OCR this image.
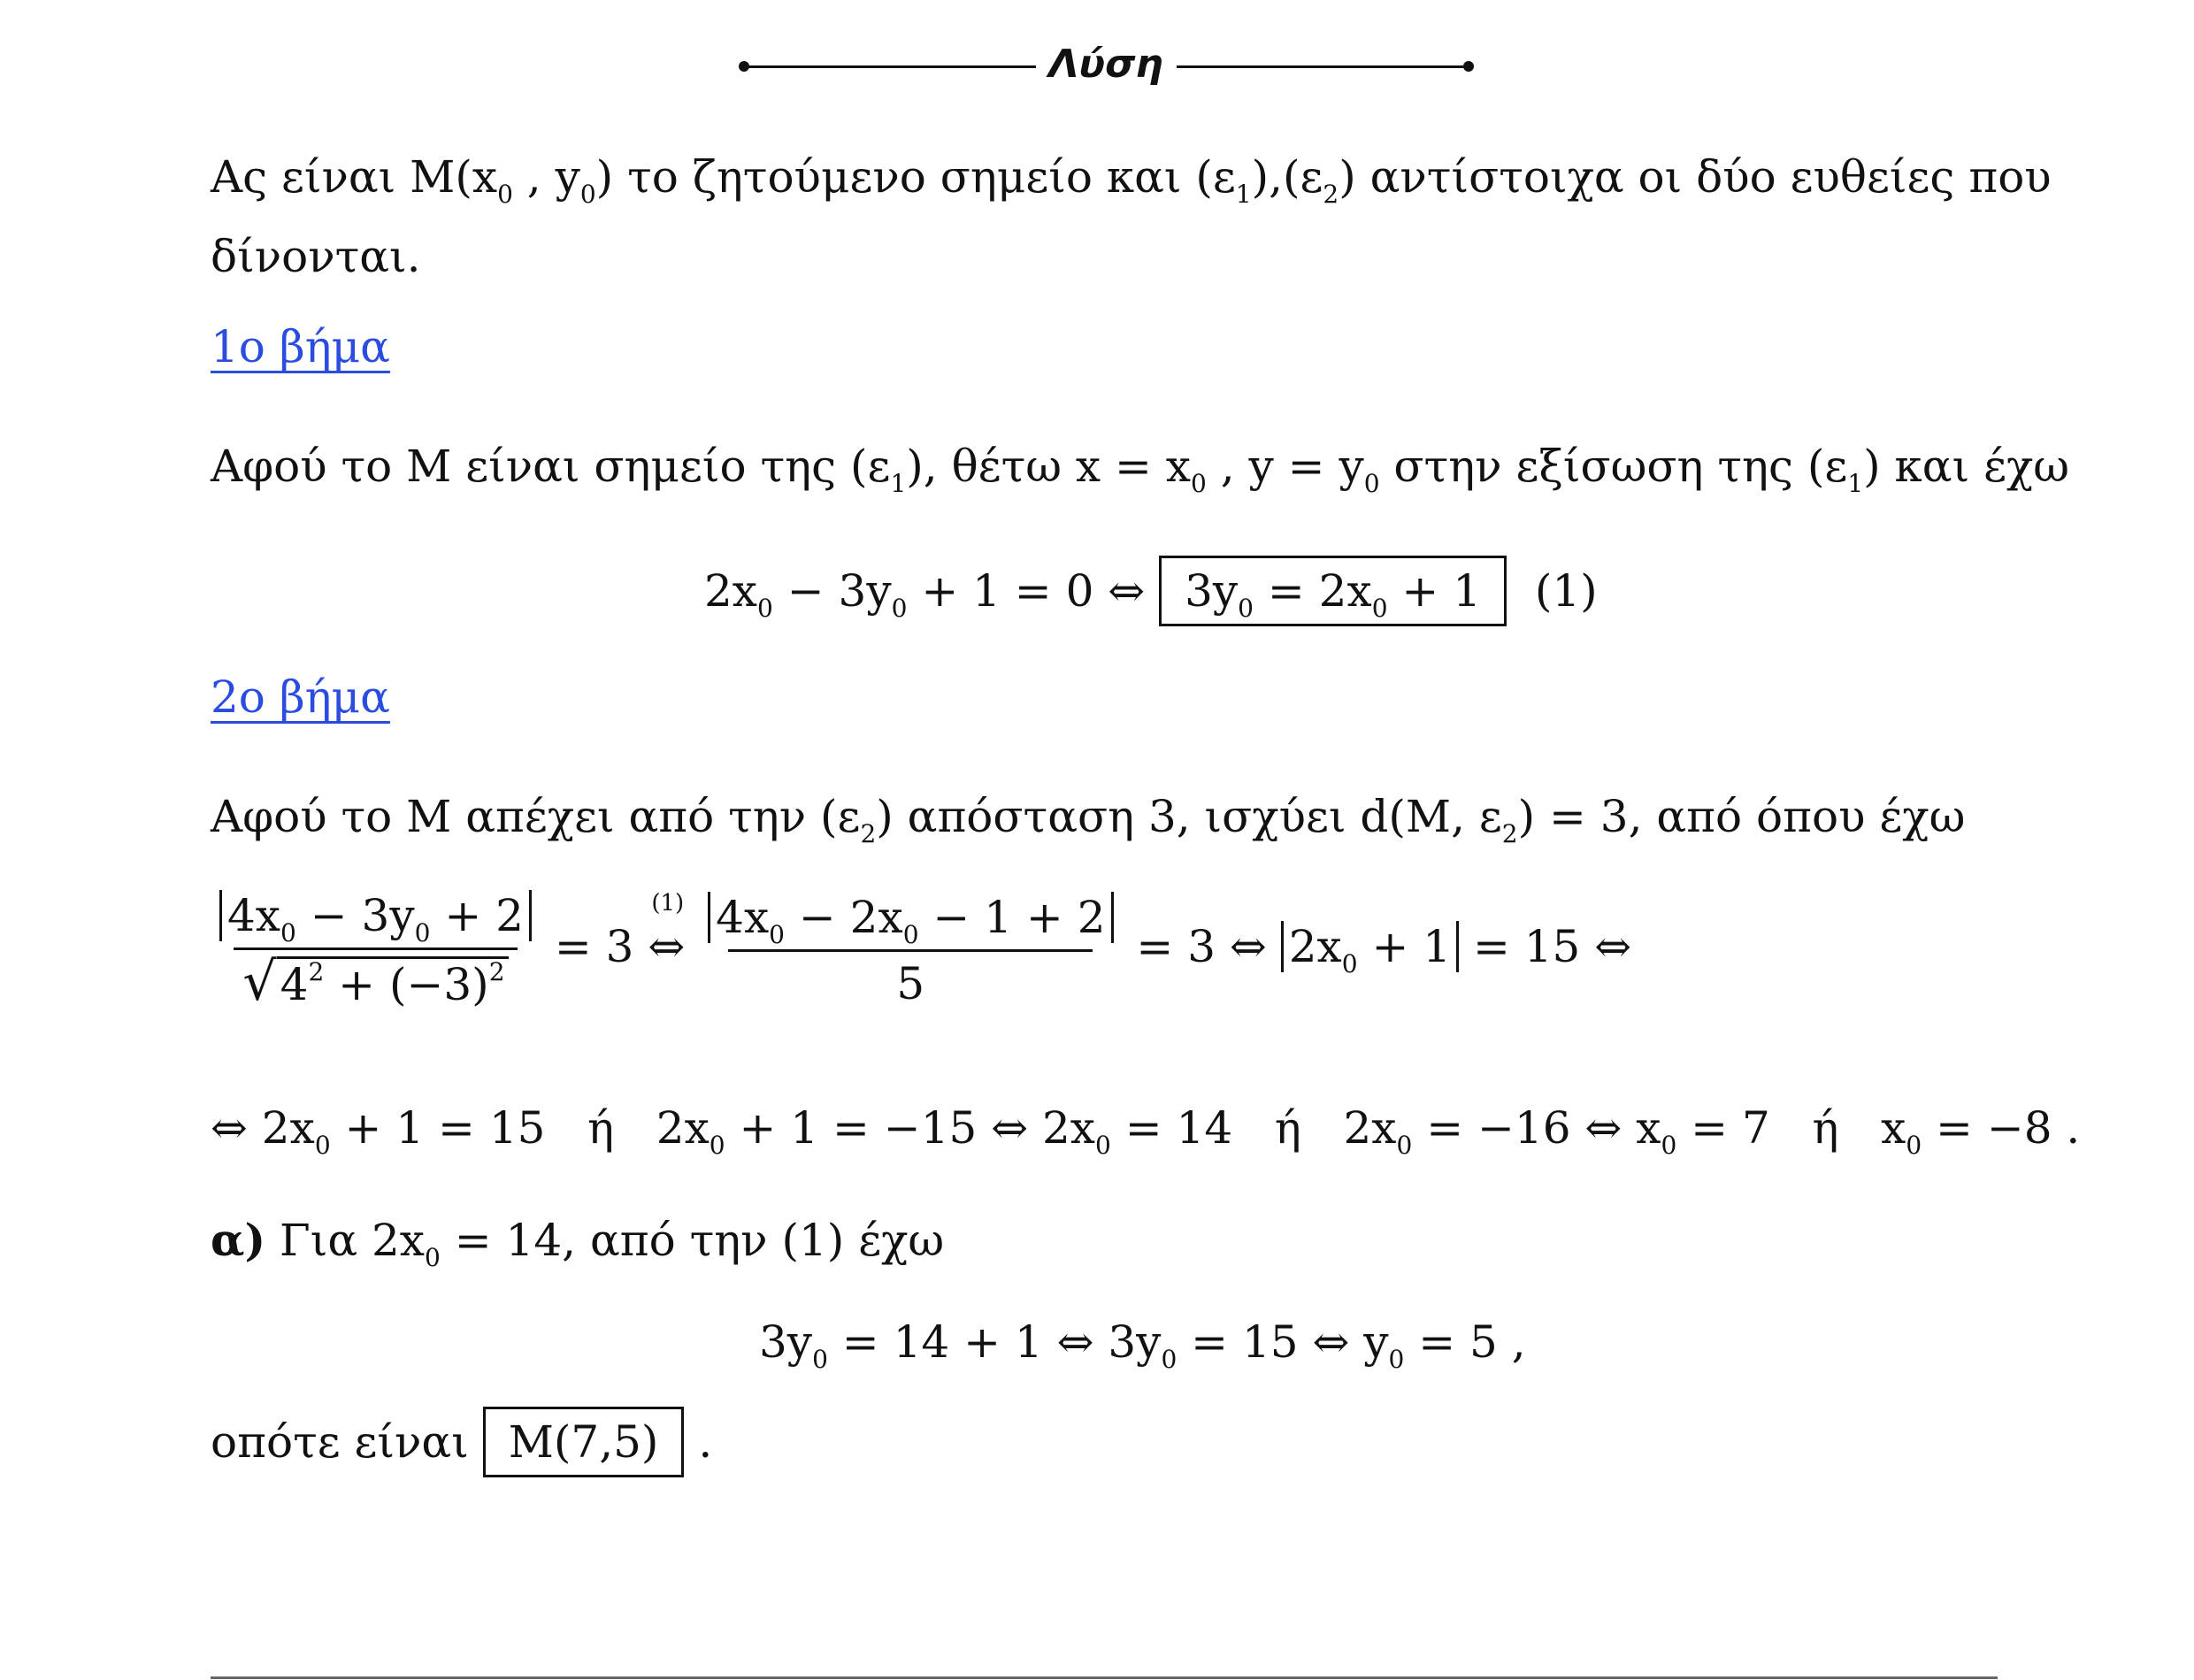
Λύση
Ας είναι $M(x_0$ , $y_0$) το ζητούμενο σημείο και $(\varepsilon_1),(\varepsilon_2)$ αντίστοιχα οι δύο ευθείες που
δίνονται.
1ο βήμα
Αφού το Μ είναι σημείο της $(\varepsilon_1)$, θέτω $x = x_0$ , $y = y_0$ στην εξίσωση της $(\varepsilon_1)$ και έχω
$2x_0 - 3y_0 + 1 = 0$ ⇔ $3y_0 = 2x_0 + 1$ (1)
2ο βήμα
Αφού το Μ απέχει από την $(\varepsilon_2)$ απόσταση 3, ισχύει d(M, $\varepsilon_2) = 3$, από όπου έχω
$\frac{4x_0 - 3y_0 + 2}{√4^2 + (-3)^2} = 3$
(1)
⇔ $\frac{4x_0 - 2x_0 - 1 + 2}{5} = 3$ ⇔ $2x_0 + 1 = 15$ ⇔
⇔ $2x_0 + 1 = 15$   ή   $2x_0 + 1 = -15$ ⇔ $2x_0 = 14$   ή   $2x_0 = -16$ ⇔ $x_0 = 7$   ή   $x_0 = -8$ .
α) Για $2x_0 = 14$, από την (1) έχω
$3y_0 = 14 + 1$ ⇔ $3y_0 = 15$ ⇔ $y_0 = 5$ ,
οπότε είναι Μ(7,5) .
